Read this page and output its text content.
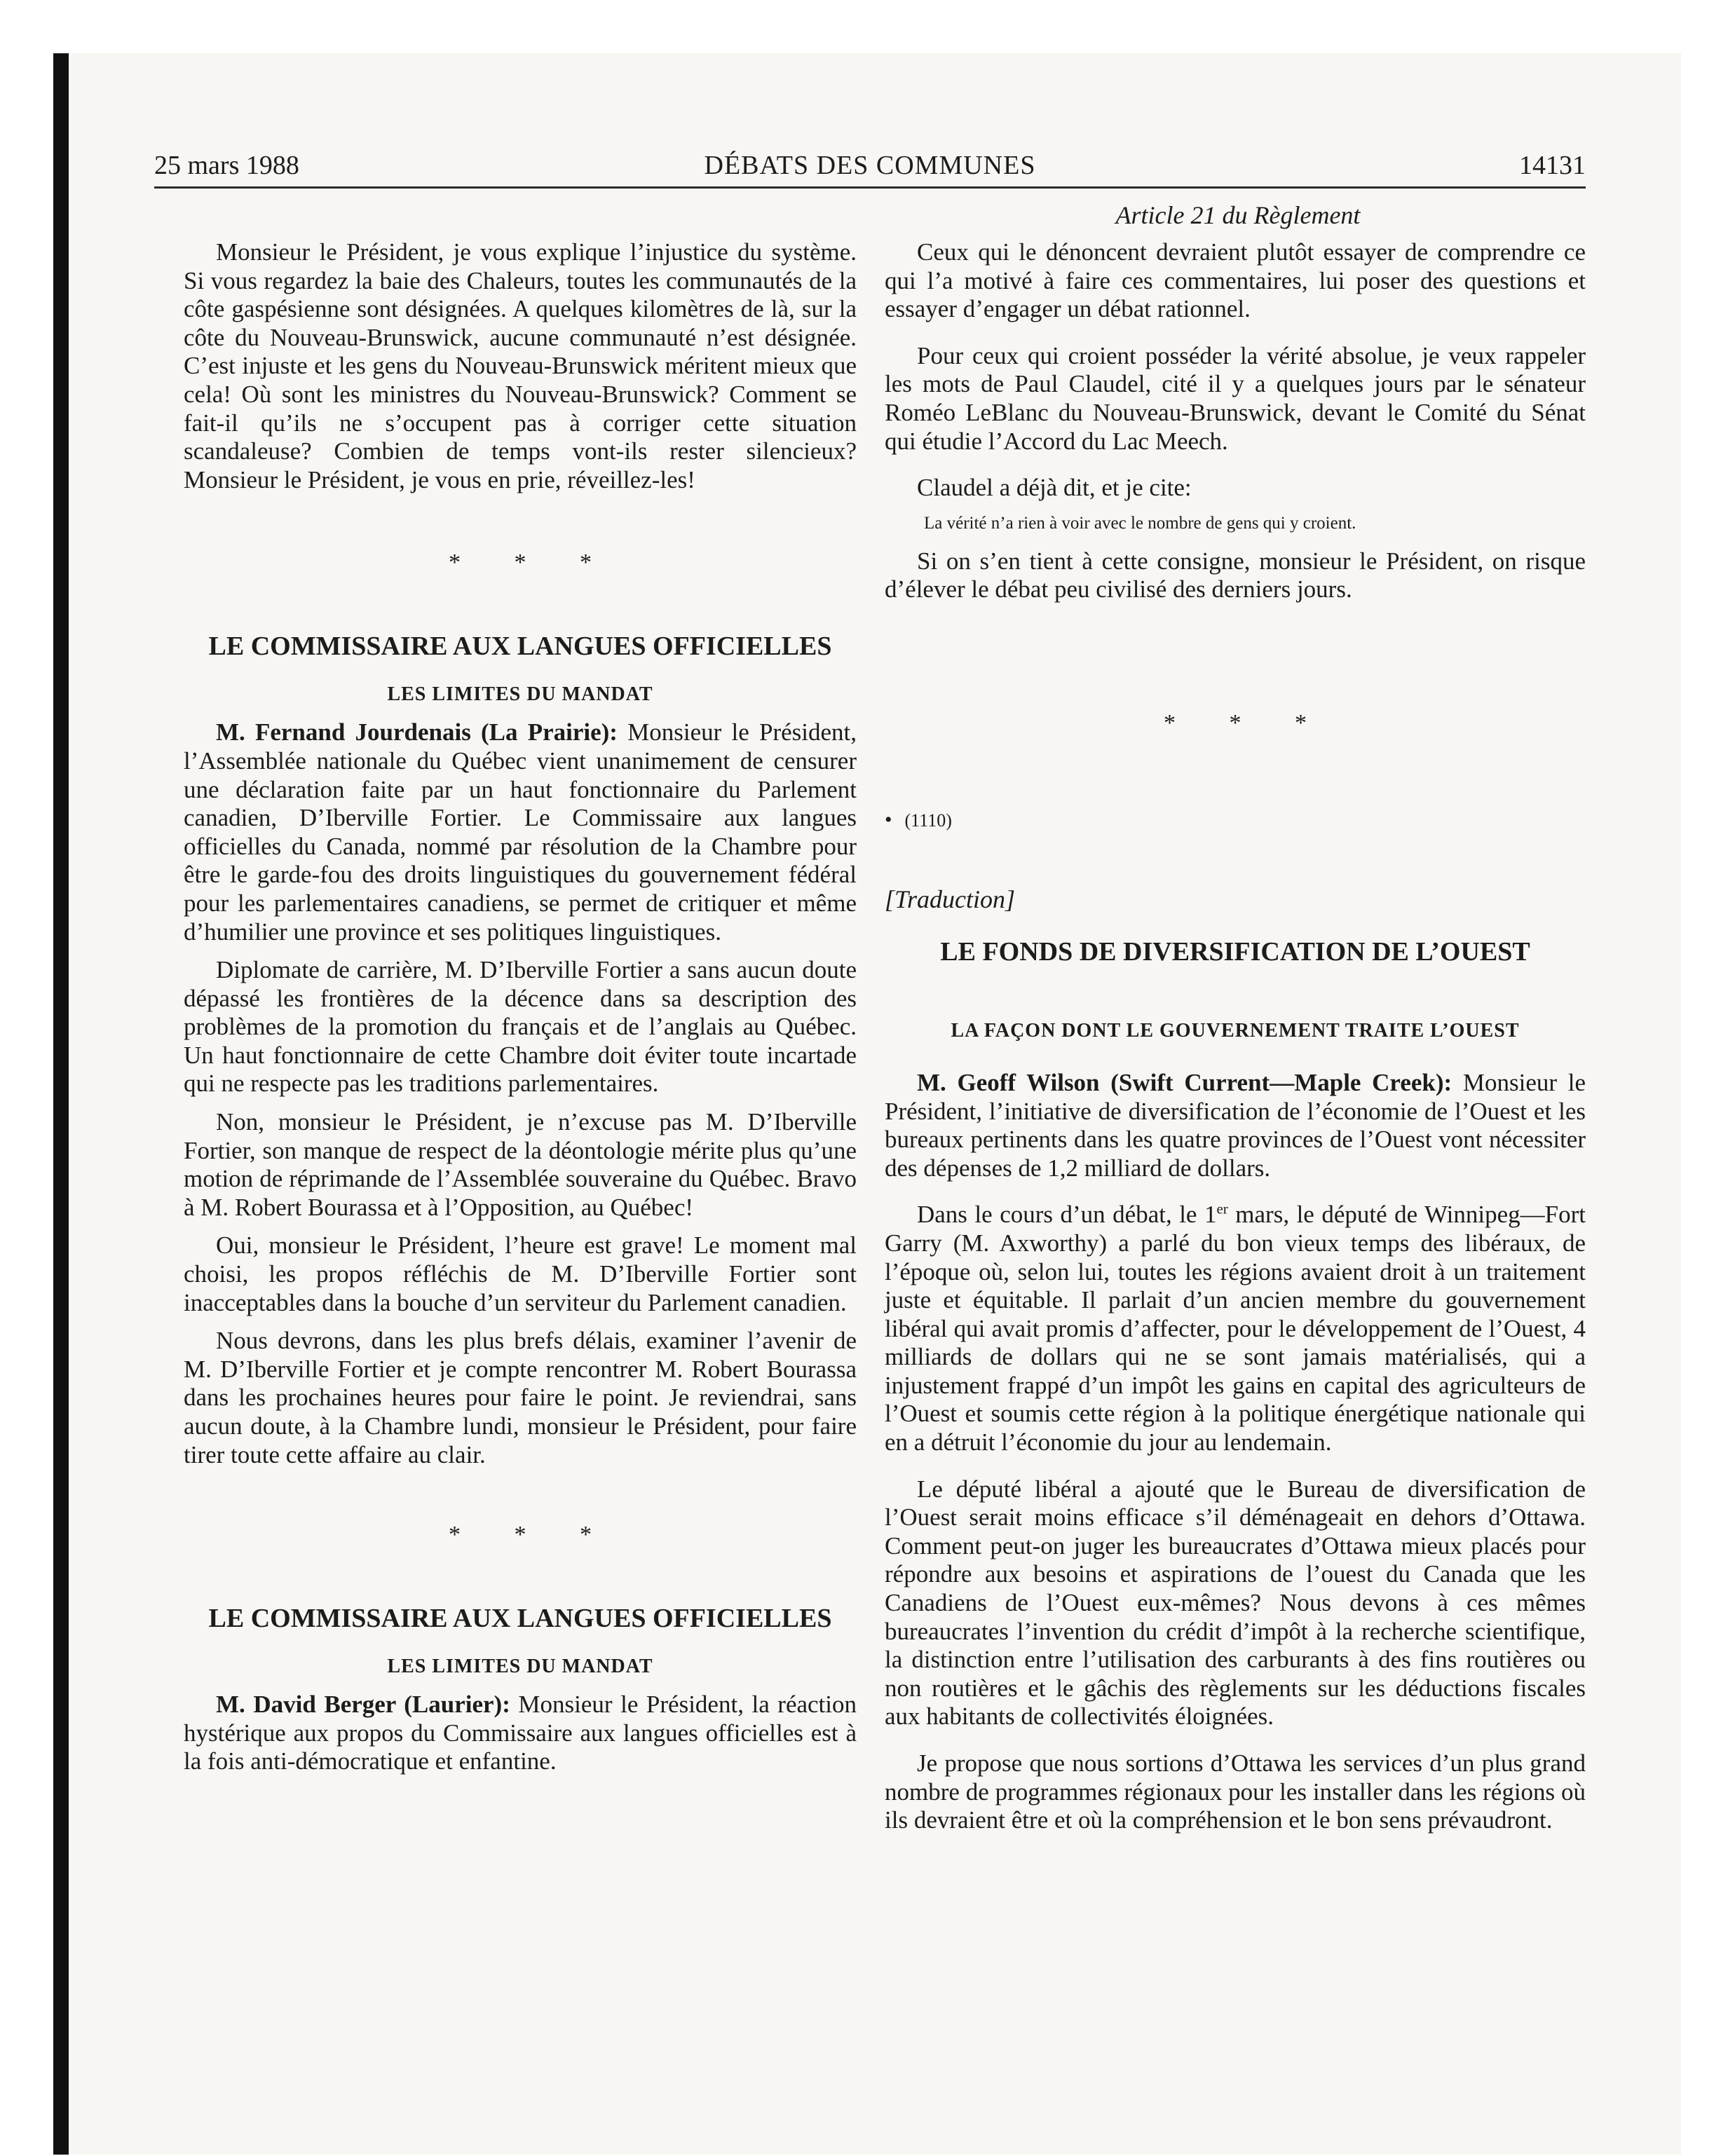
25 mars 1988	DÉBATS DES COMMUNES	14131
Article 21 du Règlement

Monsieur le Président, je vous explique l’injustice du système. Si vous regardez la baie des Chaleurs, toutes les communautés de la côte gaspésienne sont désignées. A quelques kilomètres de là, sur la côte du Nouveau-Brunswick, aucune communauté n’est désignée. C’est injuste et les gens du Nouveau-Brunswick méritent mieux que cela! Où sont les ministres du Nouveau-Brunswick? Comment se fait-il qu’ils ne s’occupent pas à corriger cette situation scandaleuse? Combien de temps vont-ils rester silencieux? Monsieur le Président, je vous en prie, réveillez-les!

* * *
LE COMMISSAIRE AUX LANGUES OFFICIELLES
LES LIMITES DU MANDAT

M. Fernand Jourdenais (La Prairie): Monsieur le Président, l’Assemblée nationale du Québec vient unanimement de censurer une déclaration faite par un haut fonctionnaire du Parlement canadien, D’Iberville Fortier. Le Commissaire aux langues officielles du Canada, nommé par résolution de la Chambre pour être le garde-fou des droits linguistiques du gouvernement fédéral pour les parlementaires canadiens, se permet de critiquer et même d’humilier une province et ses politiques linguistiques.

Diplomate de carrière, M. D’Iberville Fortier a sans aucun doute dépassé les frontières de la décence dans sa description des problèmes de la promotion du français et de l’anglais au Québec. Un haut fonctionnaire de cette Chambre doit éviter toute incartade qui ne respecte pas les traditions parlementaires.

Non, monsieur le Président, je n’excuse pas M. D’Iberville Fortier, son manque de respect de la déontologie mérite plus qu’une motion de réprimande de l’Assemblée souveraine du Québec. Bravo à M. Robert Bourassa et à l’Opposition, au Québec!

Oui, monsieur le Président, l’heure est grave! Le moment mal choisi, les propos réfléchis de M. D’Iberville Fortier sont inacceptables dans la bouche d’un serviteur du Parlement canadien.

Nous devrons, dans les plus brefs délais, examiner l’avenir de M. D’Iberville Fortier et je compte rencontrer M. Robert Bourassa dans les prochaines heures pour faire le point. Je reviendrai, sans aucun doute, à la Chambre lundi, monsieur le Président, pour faire tirer toute cette affaire au clair.

* * *
LE COMMISSAIRE AUX LANGUES OFFICIELLES
LES LIMITES DU MANDAT

M. David Berger (Laurier): Monsieur le Président, la réaction hystérique aux propos du Commissaire aux langues officielles est à la fois anti-démocratique et enfantine.

Ceux qui le dénoncent devraient plutôt essayer de comprendre ce qui l’a motivé à faire ces commentaires, lui poser des questions et essayer d’engager un débat rationnel.

Pour ceux qui croient posséder la vérité absolue, je veux rappeler les mots de Paul Claudel, cité il y a quelques jours par le sénateur Roméo LeBlanc du Nouveau-Brunswick, devant le Comité du Sénat qui étudie l’Accord du Lac Meech.

Claudel a déjà dit, et je cite:

La vérité n’a rien à voir avec le nombre de gens qui y croient.

Si on s’en tient à cette consigne, monsieur le Président, on risque d’élever le débat peu civilisé des derniers jours.

* * *

• (1110)

[Traduction]

LE FONDS DE DIVERSIFICATION DE L’OUEST
LA FAÇON DONT LE GOUVERNEMENT TRAITE L’OUEST

M. Geoff Wilson (Swift Current—Maple Creek): Monsieur le Président, l’initiative de diversification de l’économie de l’Ouest et les bureaux pertinents dans les quatre provinces de l’Ouest vont nécessiter des dépenses de 1,2 milliard de dollars.

Dans le cours d’un débat, le 1er mars, le député de Winnipeg—Fort Garry (M. Axworthy) a parlé du bon vieux temps des libéraux, de l’époque où, selon lui, toutes les régions avaient droit à un traitement juste et équitable. Il parlait d’un ancien membre du gouvernement libéral qui avait promis d’affecter, pour le développement de l’Ouest, 4 milliards de dollars qui ne se sont jamais matérialisés, qui a injustement frappé d’un impôt les gains en capital des agriculteurs de l’Ouest et soumis cette région à la politique énergétique nationale qui en a détruit l’économie du jour au lendemain.

Le député libéral a ajouté que le Bureau de diversification de l’Ouest serait moins efficace s’il déménageait en dehors d’Ottawa. Comment peut-on juger les bureaucrates d’Ottawa mieux placés pour répondre aux besoins et aspirations de l’ouest du Canada que les Canadiens de l’Ouest eux-mêmes? Nous devons à ces mêmes bureaucrates l’invention du crédit d’impôt à la recherche scientifique, la distinction entre l’utilisation des carburants à des fins routières ou non routières et le gâchis des règlements sur les déductions fiscales aux habitants de collectivités éloignées.

Je propose que nous sortions d’Ottawa les services d’un plus grand nombre de programmes régionaux pour les installer dans les régions où ils devraient être et où la compréhension et le bon sens prévaudront.
